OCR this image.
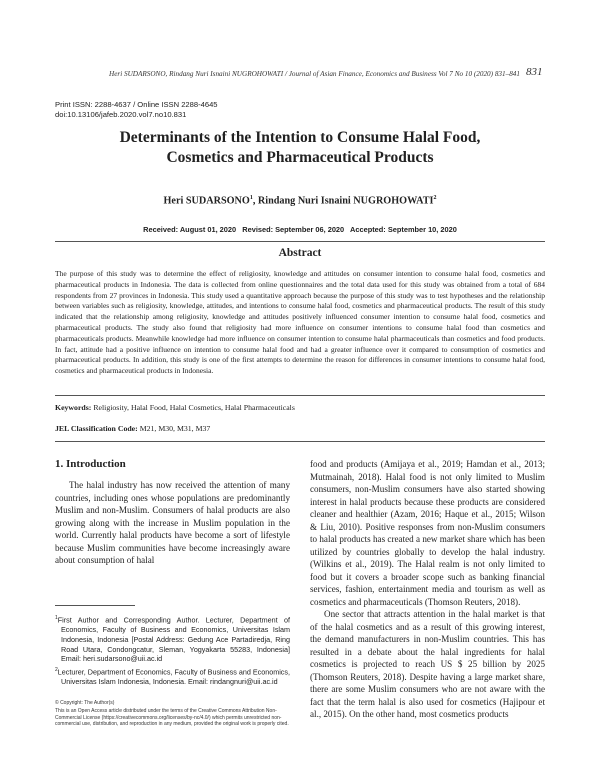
Heri SUDARSONO, Rindang Nuri Isnaini NUGROHOWATI / Journal of Asian Finance, Economics and Business Vol 7 No 10 (2020) 831–841 831
Print ISSN: 2288-4637 / Online ISSN 2288-4645
doi:10.13106/jafeb.2020.vol7.no10.831
Determinants of the Intention to Consume Halal Food,
Cosmetics and Pharmaceutical Products
Heri SUDARSONO$^1$, Rindang Nuri Isnaini NUGROHOWATI$^2$
Received: August 01, 2020   Revised: September 06, 2020   Accepted: September 10, 2020
Abstract
The purpose of this study was to determine the effect of religiosity, knowledge and attitudes on consumer intention to consume halal food, cosmetics and pharmaceutical products in Indonesia. The data is collected from online questionnaires and the total data used for this study was obtained from a total of 684 respondents from 27 provinces in Indonesia. This study used a quantitative approach because the purpose of this study was to test hypotheses and the relationship between variables such as religiosity, knowledge, attitudes, and intentions to consume halal food, cosmetics and pharmaceutical products. The result of this study indicated that the relationship among religiosity, knowledge and attitudes positively influenced consumer intention to consume halal food, cosmetics and pharmaceutical products. The study also found that religiosity had more influence on consumer intentions to consume halal food than cosmetics and pharmaceuticals products. Meanwhile knowledge had more influence on consumer intention to consume halal pharmaceuticals than cosmetics and food products. In fact, attitude had a positive influence on intention to consume halal food and had a greater influence over it compared to consumption of cosmetics and pharmaceutical products. In addition, this study is one of the first attempts to determine the reason for differences in consumer intentions to consume halal food, cosmetics and pharmaceutical products in Indonesia.
Keywords: Religiosity, Halal Food, Halal Cosmetics, Halal Pharmaceuticals
JEL Classification Code: M21, M30, M31, M37
1. Introduction

The halal industry has now received the attention of many countries, including ones whose populations are predominantly Muslim and non-Muslim. Consumers of halal products are also growing along with the increase in Muslim population in the world. Currently halal products have become a sort of lifestyle because Muslim communities have become increasingly aware about consumption of halal

food and products (Amijaya et al., 2019; Hamdan et al., 2013; Mutmainah, 2018). Halal food is not only limited to Muslim consumers, non-Muslim consumers have also started showing interest in halal products because these products are considered cleaner and healthier (Azam, 2016; Haque et al., 2015; Wilson & Liu, 2010). Positive responses from non-Muslim consumers to halal products has created a new market share which has been utilized by countries globally to develop the halal industry. (Wilkins et al., 2019). The Halal realm is not only limited to food but it covers a broader scope such as banking financial services, fashion, entertainment media and tourism as well as cosmetics and pharmaceuticals (Thomson Reuters, 2018).

One sector that attracts attention in the halal market is that of the halal cosmetics and as a result of this growing interest, the demand manufacturers in non-Muslim countries. This has resulted in a debate about the halal ingredients for halal cosmetics is projected to reach US $ 25 billion by 2025 (Thomson Reuters, 2018). Despite having a large market share, there are some Muslim consumers who are not aware with the fact that the term halal is also used for cosmetics (Hajipour et al., 2015). On the other hand, most cosmetics products

$^1$First Author and Corresponding Author. Lecturer, Department of Economics, Faculty of Business and Economics, Universitas Islam Indonesia, Indonesia [Postal Address: Gedung Ace Partadiredja, Ring Road Utara, Condongcatur, Sleman, Yogyakarta 55283, Indonesia] Email: heri.sudarsono@uii.ac.id

$^2$Lecturer, Department of Economics, Faculty of Business and Economics, Universitas Islam Indonesia, Indonesia. Email: rindangnuri@uii.ac.id

© Copyright: The Author(s)

This is an Open Access article distributed under the terms of the Creative Commons Attribution Non-Commercial License (https://creativecommons.org/licenses/by-nc/4.0/) which permits unrestricted non-commercial use, distribution, and reproduction in any medium, provided the original work is properly cited.
